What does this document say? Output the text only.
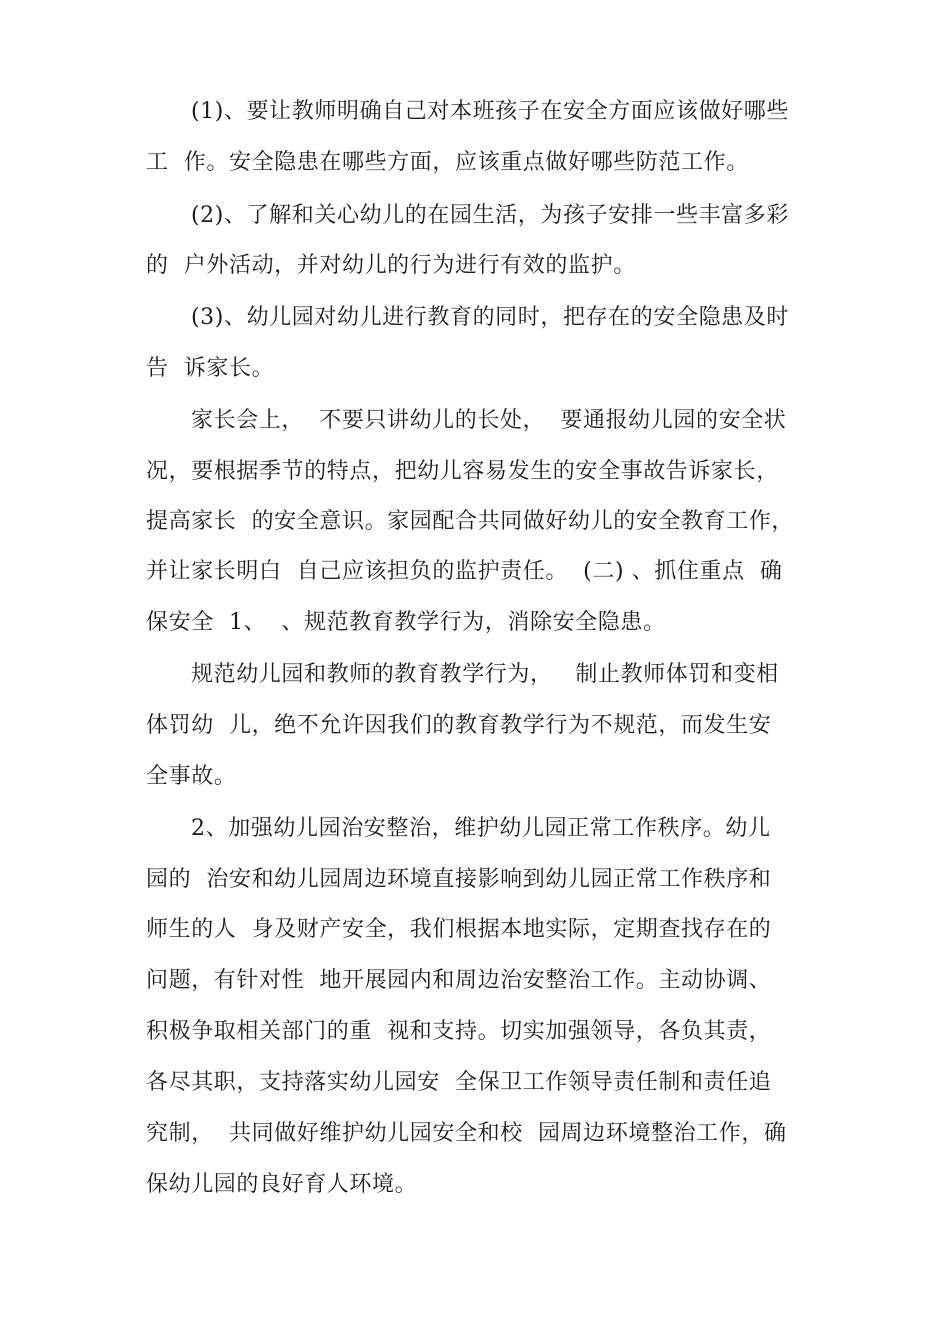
(1)、要让教师明确自己对本班孩子在安全方面应该做好哪些
工  作。安全隐患在哪些方面，应该重点做好哪些防范工作。
(2)、了解和关心幼儿的在园生活，为孩子安排一些丰富多彩
的  户外活动，并对幼儿的行为进行有效的监护。
(3)、幼儿园对幼儿进行教育的同时，把存在的安全隐患及时
告  诉家长。
家长会上，  不要只讲幼儿的长处，  要通报幼儿园的安全状
况，要根据季节的特点，把幼儿容易发生的安全事故告诉家长，
提高家长  的安全意识。家园配合共同做好幼儿的安全教育工作，
并让家长明白  自己应该担负的监护责任。  (二) 、抓住重点  确
保安全  1、  、规范教育教学行为，消除安全隐患。
规范幼儿园和教师的教育教学行为，   制止教师体罚和变相
体罚幼  儿，绝不允许因我们的教育教学行为不规范，而发生安
全事故。
2、加强幼儿园治安整治，维护幼儿园正常工作秩序。幼儿
园的  治安和幼儿园周边环境直接影响到幼儿园正常工作秩序和
师生的人  身及财产安全，我们根据本地实际，定期查找存在的
问题，有针对性  地开展园内和周边治安整治工作。主动协调、
积极争取相关部门的重  视和支持。切实加强领导，各负其责，
各尽其职，支持落实幼儿园安  全保卫工作领导责任制和责任追
究制，  共同做好维护幼儿园安全和校  园周边环境整治工作，确
保幼儿园的良好育人环境。
